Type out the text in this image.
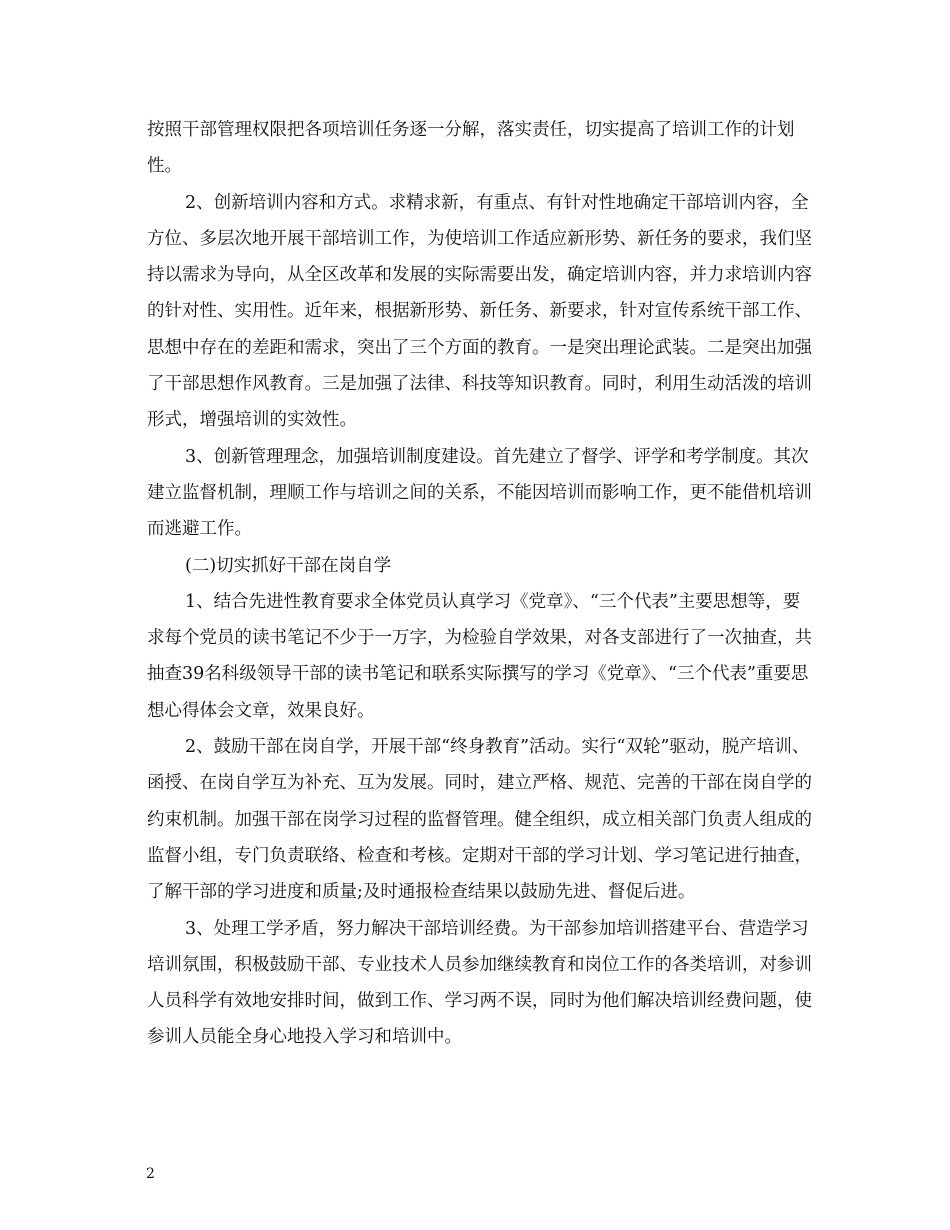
按照干部管理权限把各项培训任务逐一分解，落实责任，切实提高了培训工作的计划性。

2、创新培训内容和方式。求精求新，有重点、有针对性地确定干部培训内容，全方位、多层次地开展干部培训工作，为使培训工作适应新形势、新任务的要求，我们坚持以需求为导向，从全区改革和发展的实际需要出发，确定培训内容，并力求培训内容的针对性、实用性。近年来，根据新形势、新任务、新要求，针对宣传系统干部工作、思想中存在的差距和需求，突出了三个方面的教育。一是突出理论武装。二是突出加强了干部思想作风教育。三是加强了法律、科技等知识教育。同时，利用生动活泼的培训形式，增强培训的实效性。

3、创新管理理念，加强培训制度建设。首先建立了督学、评学和考学制度。其次建立监督机制，理顺工作与培训之间的关系，不能因培训而影响工作，更不能借机培训而逃避工作。

(二)切实抓好干部在岗自学

1、结合先进性教育要求全体党员认真学习《党章》、“三个代表”主要思想等，要求每个党员的读书笔记不少于一万字，为检验自学效果，对各支部进行了一次抽查，共抽查39名科级领导干部的读书笔记和联系实际撰写的学习《党章》、“三个代表”重要思想心得体会文章，效果良好。

2、鼓励干部在岗自学，开展干部“终身教育”活动。实行“双轮”驱动，脱产培训、函授、在岗自学互为补充、互为发展。同时，建立严格、规范、完善的干部在岗自学的约束机制。加强干部在岗学习过程的监督管理。健全组织，成立相关部门负责人组成的监督小组，专门负责联络、检查和考核。定期对干部的学习计划、学习笔记进行抽查，了解干部的学习进度和质量;及时通报检查结果以鼓励先进、督促后进。

3、处理工学矛盾，努力解决干部培训经费。为干部参加培训搭建平台、营造学习培训氛围，积极鼓励干部、专业技术人员参加继续教育和岗位工作的各类培训，对参训人员科学有效地安排时间，做到工作、学习两不误，同时为他们解决培训经费问题，使参训人员能全身心地投入学习和培训中。

2
